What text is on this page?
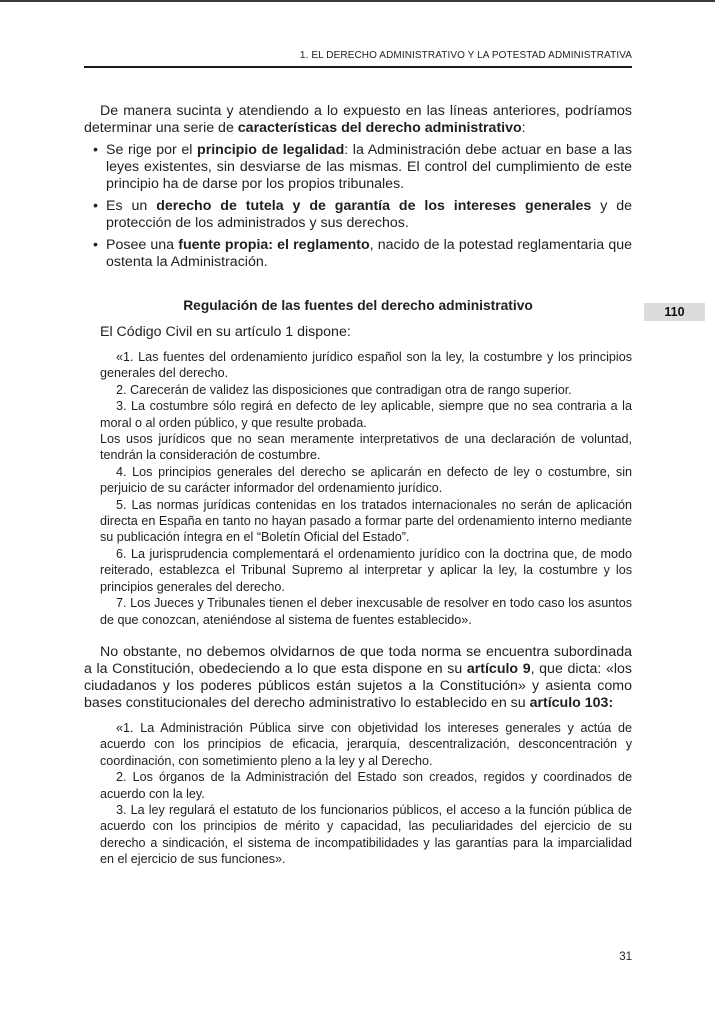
1. EL DERECHO ADMINISTRATIVO Y LA POTESTAD ADMINISTRATIVA
110

De manera sucinta y atendiendo a lo expuesto en las líneas anteriores, podríamos determinar una serie de características del derecho administrativo:

• Se rige por el principio de legalidad: la Administración debe actuar en base a las leyes existentes, sin desviarse de las mismas. El control del cumplimiento de este principio ha de darse por los propios tribunales.
• Es un derecho de tutela y de garantía de los intereses generales y de protección de los administrados y sus derechos.
• Posee una fuente propia: el reglamento, nacido de la potestad reglamentaria que ostenta la Administración.

Regulación de las fuentes del derecho administrativo

El Código Civil en su artículo 1 dispone:

«1. Las fuentes del ordenamiento jurídico español son la ley, la costumbre y los principios generales del derecho.

2. Carecerán de validez las disposiciones que contradigan otra de rango superior.

3. La costumbre sólo regirá en defecto de ley aplicable, siempre que no sea contraria a la moral o al orden público, y que resulte probada.

Los usos jurídicos que no sean meramente interpretativos de una declaración de voluntad, tendrán la consideración de costumbre.

4. Los principios generales del derecho se aplicarán en defecto de ley o costumbre, sin perjuicio de su carácter informador del ordenamiento jurídico.

5. Las normas jurídicas contenidas en los tratados internacionales no serán de aplicación directa en España en tanto no hayan pasado a formar parte del ordenamiento interno mediante su publicación íntegra en el “Boletín Oficial del Estado”.

6. La jurisprudencia complementará el ordenamiento jurídico con la doctrina que, de modo reiterado, establezca el Tribunal Supremo al interpretar y aplicar la ley, la costumbre y los principios generales del derecho.

7. Los Jueces y Tribunales tienen el deber inexcusable de resolver en todo caso los asuntos de que conozcan, ateniéndose al sistema de fuentes establecido».

No obstante, no debemos olvidarnos de que toda norma se encuentra subordinada a la Constitución, obedeciendo a lo que esta dispone en su artículo 9, que dicta: «los ciudadanos y los poderes públicos están sujetos a la Constitución» y asienta como bases constitucionales del derecho administrativo lo establecido en su artículo 103:

«1. La Administración Pública sirve con objetividad los intereses generales y actúa de acuerdo con los principios de eficacia, jerarquía, descentralización, desconcentración y coordinación, con sometimiento pleno a la ley y al Derecho.

2. Los órganos de la Administración del Estado son creados, regidos y coordinados de acuerdo con la ley.

3. La ley regulará el estatuto de los funcionarios públicos, el acceso a la función pública de acuerdo con los principios de mérito y capacidad, las peculiaridades del ejercicio de su derecho a sindicación, el sistema de incompatibilidades y las garantías para la imparcialidad en el ejercicio de sus funciones».

31
